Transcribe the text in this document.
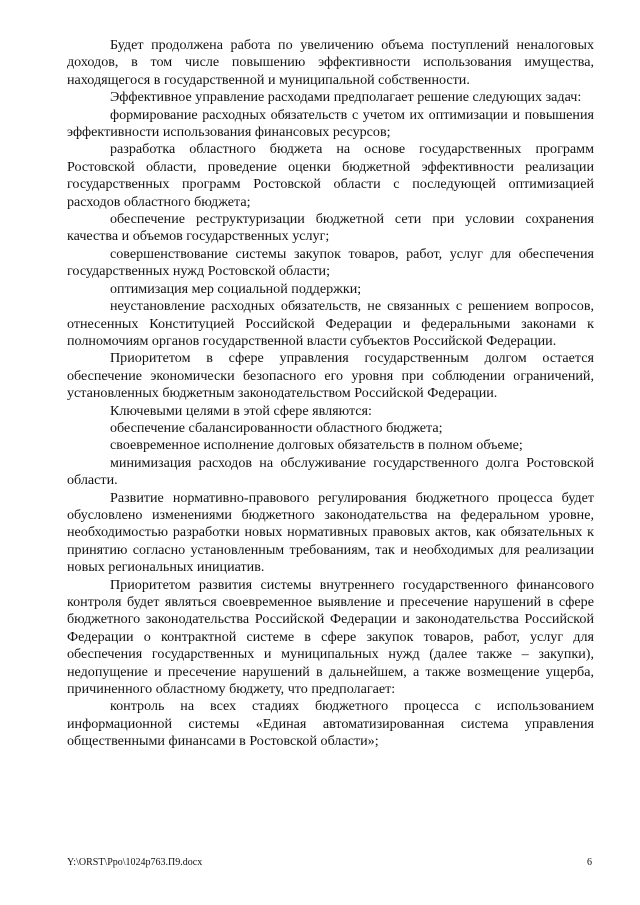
Будет продолжена работа по увеличению объема поступлений неналоговых доходов, в том числе повышению эффективности использования имущества, находящегося в государственной и муниципальной собственности.

Эффективное управление расходами предполагает решение следующих задач:

формирование расходных обязательств с учетом их оптимизации и повышения эффективности использования финансовых ресурсов;

разработка областного бюджета на основе государственных программ Ростовской области, проведение оценки бюджетной эффективности реализации государственных программ Ростовской области с последующей оптимизацией расходов областного бюджета;

обеспечение реструктуризации бюджетной сети при условии сохранения качества и объемов государственных услуг;

совершенствование системы закупок товаров, работ, услуг для обеспечения государственных нужд Ростовской области;

оптимизация мер социальной поддержки;

неустановление расходных обязательств, не связанных с решением вопросов, отнесенных Конституцией Российской Федерации и федеральными законами к полномочиям органов государственной власти субъектов Российской Федерации.

Приоритетом в сфере управления государственным долгом остается обеспечение экономически безопасного его уровня при соблюдении ограничений, установленных бюджетным законодательством Российской Федерации.

Ключевыми целями в этой сфере являются:

обеспечение сбалансированности областного бюджета;

своевременное исполнение долговых обязательств в полном объеме;

минимизация расходов на обслуживание государственного долга Ростовской области.

Развитие нормативно-правового регулирования бюджетного процесса будет обусловлено изменениями бюджетного законодательства на федеральном уровне, необходимостью разработки новых нормативных правовых актов, как обязательных к принятию согласно установленным требованиям, так и необходимых для реализации новых региональных инициатив.

Приоритетом развития системы внутреннего государственного финансового контроля будет являться своевременное выявление и пресечение нарушений в сфере бюджетного законодательства Российской Федерации и законодательства Российской Федерации о контрактной системе в сфере закупок товаров, работ, услуг для обеспечения государственных и муниципальных нужд (далее также – закупки), недопущение и пресечение нарушений в дальнейшем, а также возмещение ущерба, причиненного областному бюджету, что предполагает:

контроль на всех стадиях бюджетного процесса с использованием информационной системы «Единая автоматизированная система управления общественными финансами в Ростовской области»;

Y:\ORST\Ppo\1024p763.П9.docx	6
